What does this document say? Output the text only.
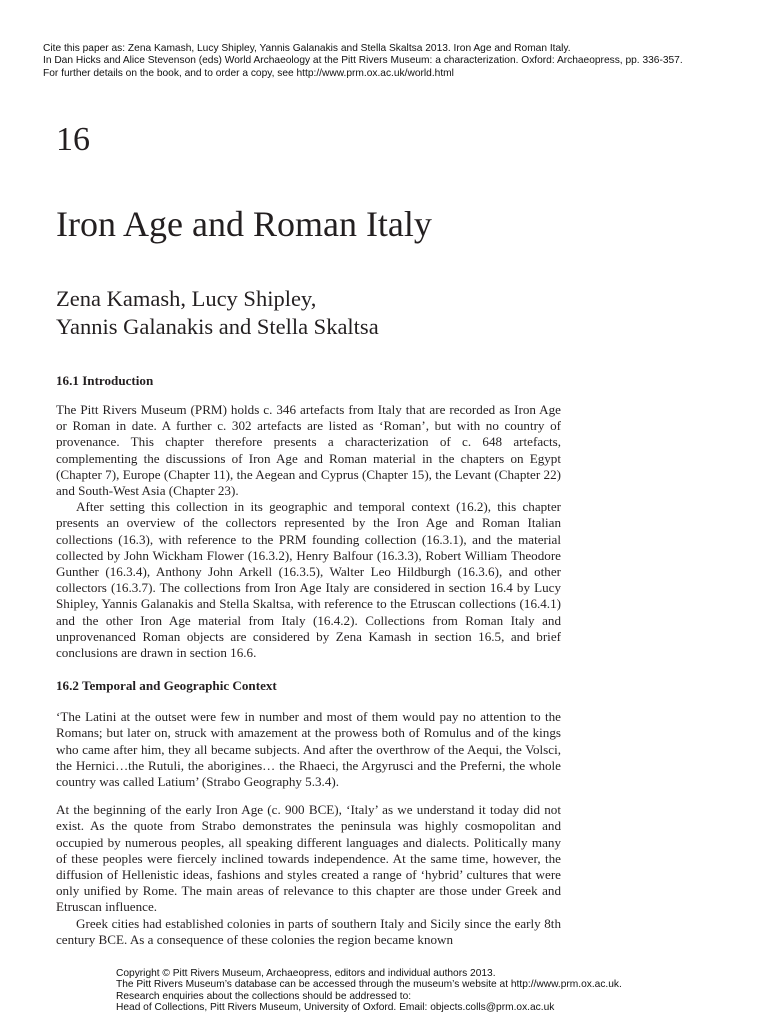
Cite this paper as: Zena Kamash, Lucy Shipley, Yannis Galanakis and Stella Skaltsa 2013. Iron Age and Roman Italy.
In Dan Hicks and Alice Stevenson (eds) World Archaeology at the Pitt Rivers Museum: a characterization. Oxford: Archaeopress, pp. 336-357.
For further details on the book, and to order a copy, see http://www.prm.ox.ac.uk/world.html
16
Iron Age and Roman Italy
Zena Kamash, Lucy Shipley,
Yannis Galanakis and Stella Skaltsa
16.1 Introduction

The Pitt Rivers Museum (PRM) holds c. 346 artefacts from Italy that are recorded as Iron Age or Roman in date. A further c. 302 artefacts are listed as ‘Roman’, but with no country of provenance. This chapter therefore presents a characterization of c. 648 artefacts, complementing the discussions of Iron Age and Roman material in the chapters on Egypt (Chapter 7), Europe (Chapter 11), the Aegean and Cyprus (Chapter 15), the Levant (Chapter 22) and South-West Asia (Chapter 23).

After setting this collection in its geographic and temporal context (16.2), this chapter presents an overview of the collectors represented by the Iron Age and Roman Italian collections (16.3), with reference to the PRM founding collection (16.3.1), and the material collected by John Wickham Flower (16.3.2), Henry Balfour (16.3.3), Robert William Theodore Gunther (16.3.4), Anthony John Arkell (16.3.5), Walter Leo Hildburgh (16.3.6), and other collectors (16.3.7). The collections from Iron Age Italy are considered in section 16.4 by Lucy Shipley, Yannis Galanakis and Stella Skaltsa, with reference to the Etruscan collections (16.4.1) and the other Iron Age material from Italy (16.4.2). Collections from Roman Italy and unprovenanced Roman objects are considered by Zena Kamash in section 16.5, and brief conclusions are drawn in section 16.6.

16.2 Temporal and Geographic Context

‘The Latini at the outset were few in number and most of them would pay no attention to the Romans; but later on, struck with amazement at the prowess both of Romulus and of the kings who came after him, they all became subjects. And after the overthrow of the Aequi, the Volsci, the Hernici…the Rutuli, the aborigines… the Rhaeci, the Argyrusci and the Preferni, the whole country was called Latium’ (Strabo Geography 5.3.4).

At the beginning of the early Iron Age (c. 900 BCE), ‘Italy’ as we understand it today did not exist. As the quote from Strabo demonstrates the peninsula was highly cosmopolitan and occupied by numerous peoples, all speaking different languages and dialects. Politically many of these peoples were fiercely inclined towards independence. At the same time, however, the diffusion of Hellenistic ideas, fashions and styles created a range of ‘hybrid’ cultures that were only unified by Rome. The main areas of relevance to this chapter are those under Greek and Etruscan influence.

Greek cities had established colonies in parts of southern Italy and Sicily since the early 8th century BCE. As a consequence of these colonies the region became known

Copyright © Pitt Rivers Museum, Archaeopress, editors and individual authors 2013.
The Pitt Rivers Museum’s database can be accessed through the museum’s website at http://www.prm.ox.ac.uk.
Research enquiries about the collections should be addressed to:
Head of Collections, Pitt Rivers Museum, University of Oxford. Email: objects.colls@prm.ox.ac.uk
